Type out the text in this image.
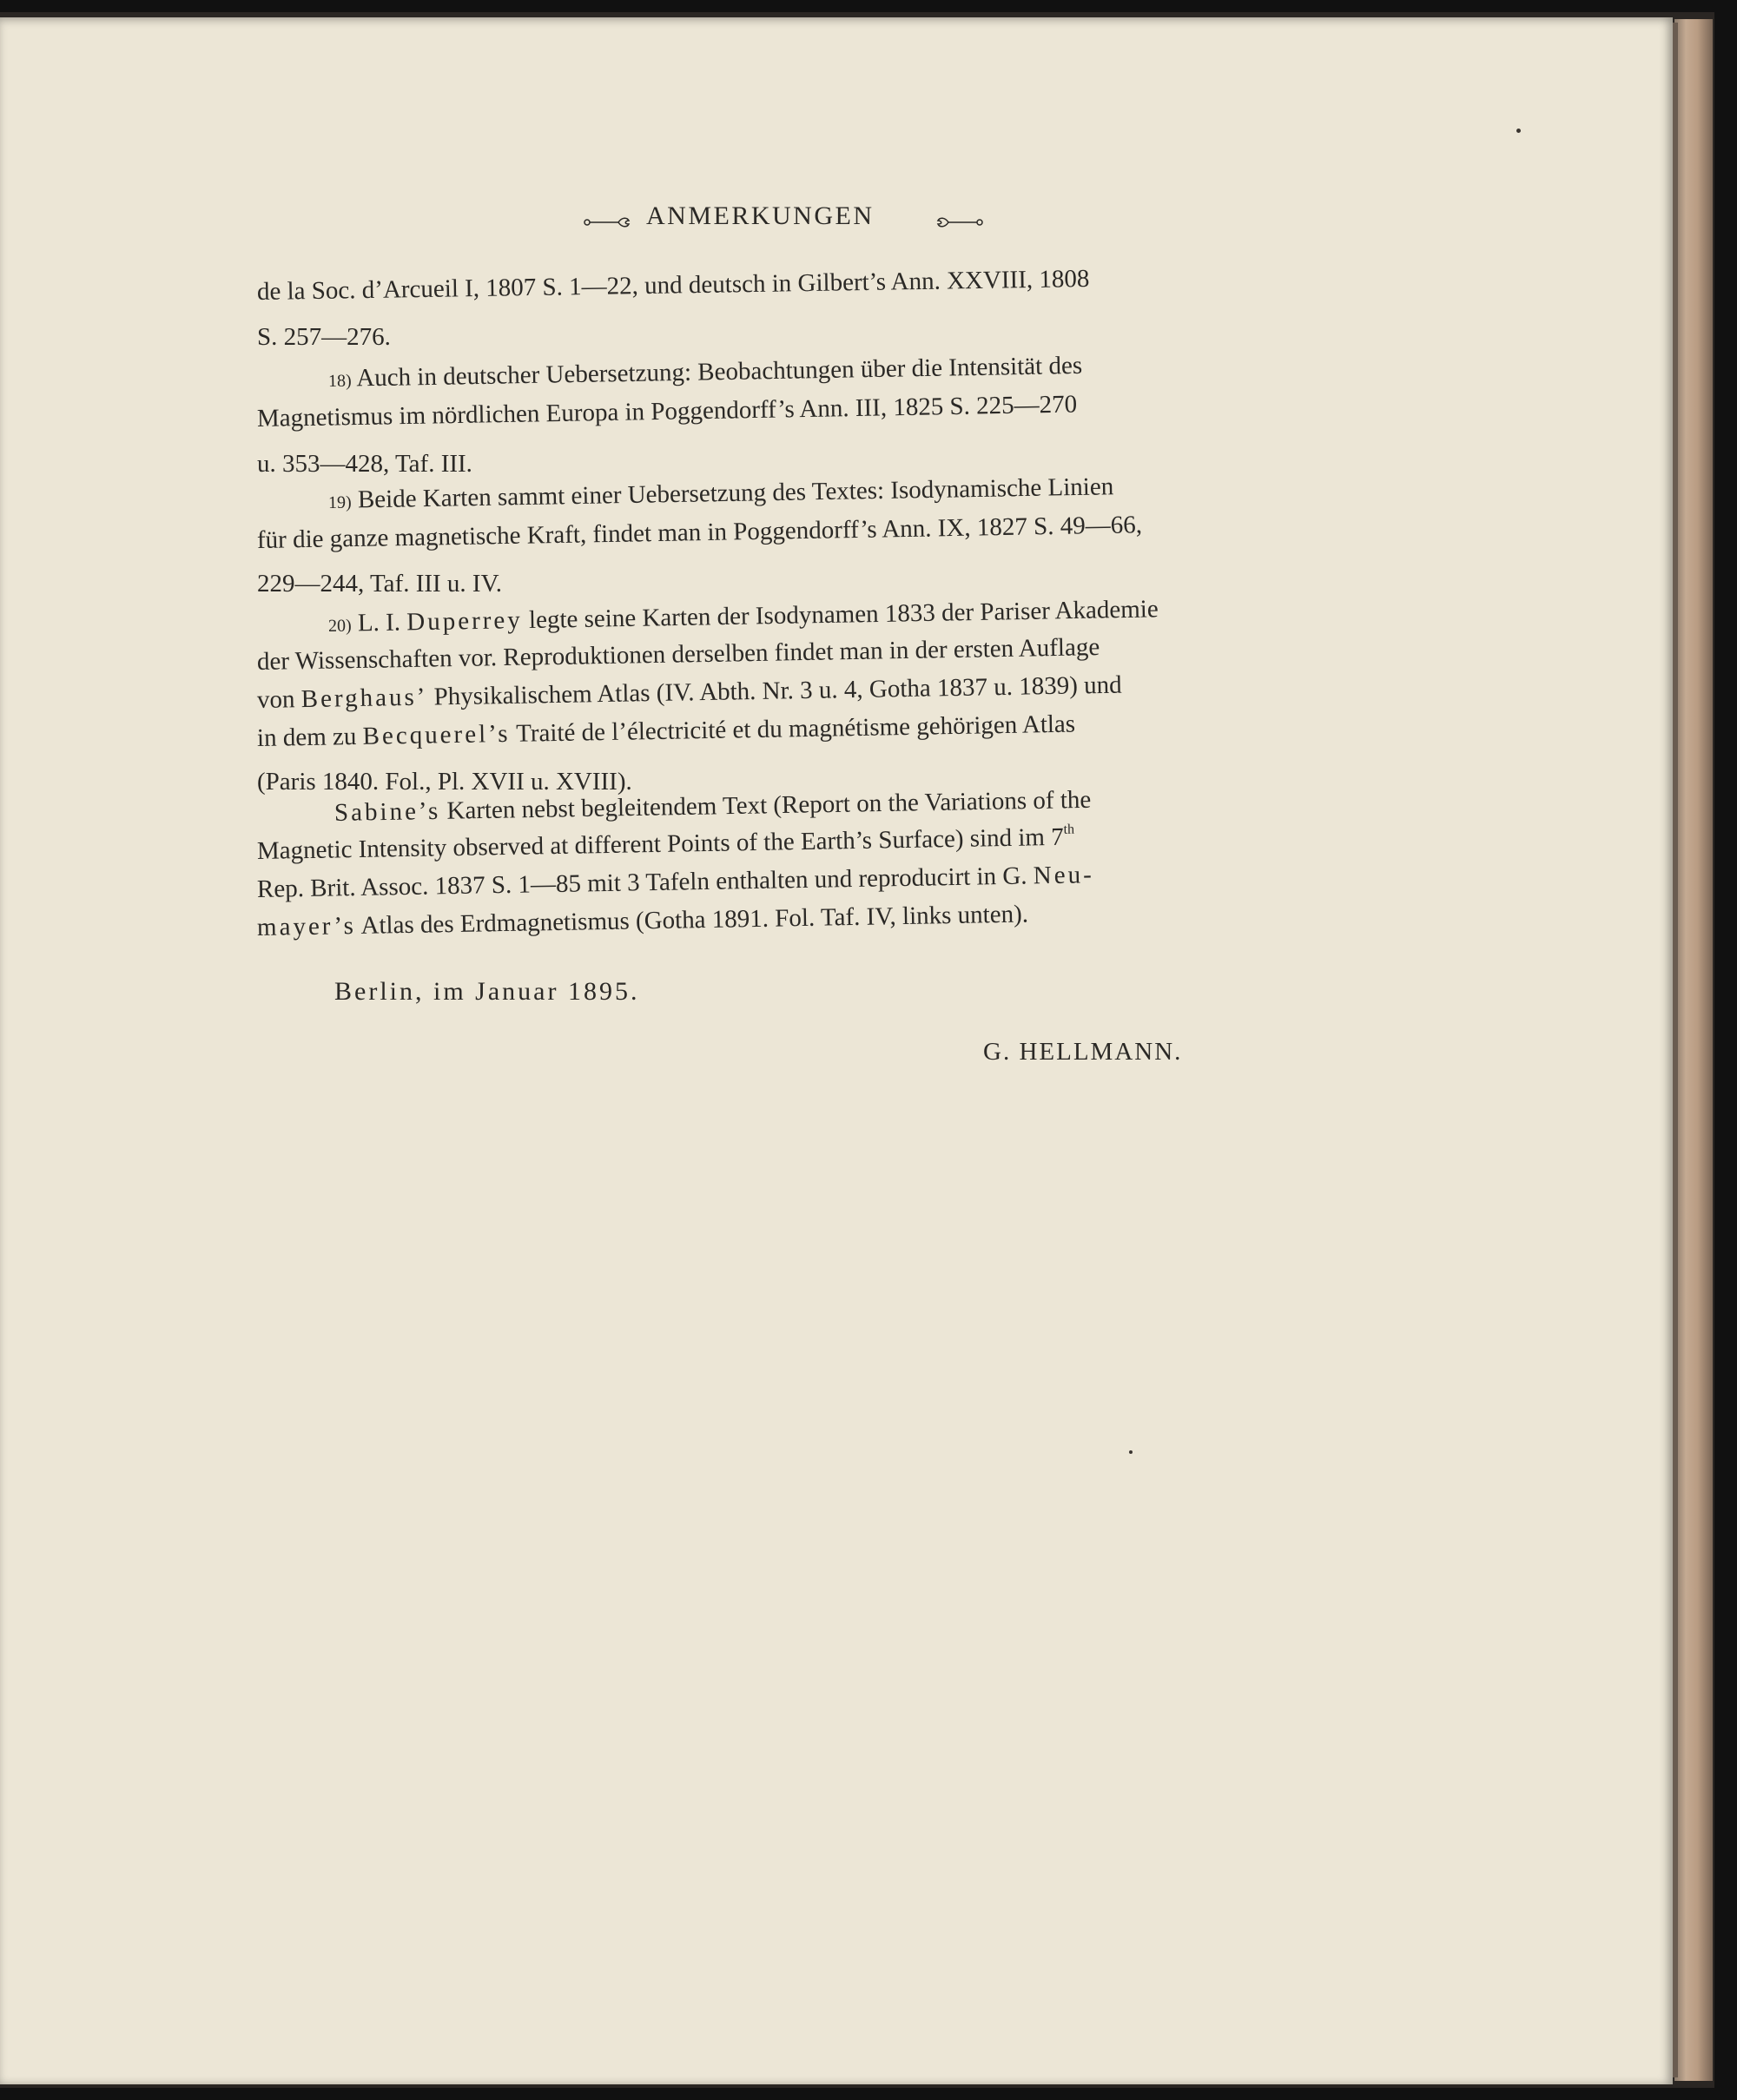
ANMERKUNGEN
de la Soc. d’Arcueil I, 1807 S. 1—22, und deutsch in Gilbert’s Ann. XXVIII, 1808
S. 257—276.
18) Auch in deutscher Uebersetzung: Beobachtungen über die Intensität des
Magnetismus im nördlichen Europa in Poggendorff’s Ann. III, 1825 S. 225—270
u. 353—428, Taf. III.
19) Beide Karten sammt einer Uebersetzung des Textes: Isodynamische Linien
für die ganze magnetische Kraft, findet man in Poggendorff’s Ann. IX, 1827 S. 49—66,
229—244, Taf. III u. IV.
20) L. I. Duperrey legte seine Karten der Isodynamen 1833 der Pariser Akademie
der Wissenschaften vor. Reproduktionen derselben findet man in der ersten Auflage
von Berghaus’ Physikalischem Atlas (IV. Abth. Nr. 3 u. 4, Gotha 1837 u. 1839) und
in dem zu Becquerel’s Traité de l’électricité et du magnétisme gehörigen Atlas
(Paris 1840. Fol., Pl. XVII u. XVIII).
Sabine’s Karten nebst begleitendem Text (Report on the Variations of the
Magnetic Intensity observed at different Points of the Earth’s Surface) sind im 7th
Rep. Brit. Assoc. 1837 S. 1—85 mit 3 Tafeln enthalten und reproducirt in G. Neu-
mayer’s Atlas des Erdmagnetismus (Gotha 1891. Fol. Taf. IV, links unten).
Berlin, im Januar 1895.
G. HELLMANN.
